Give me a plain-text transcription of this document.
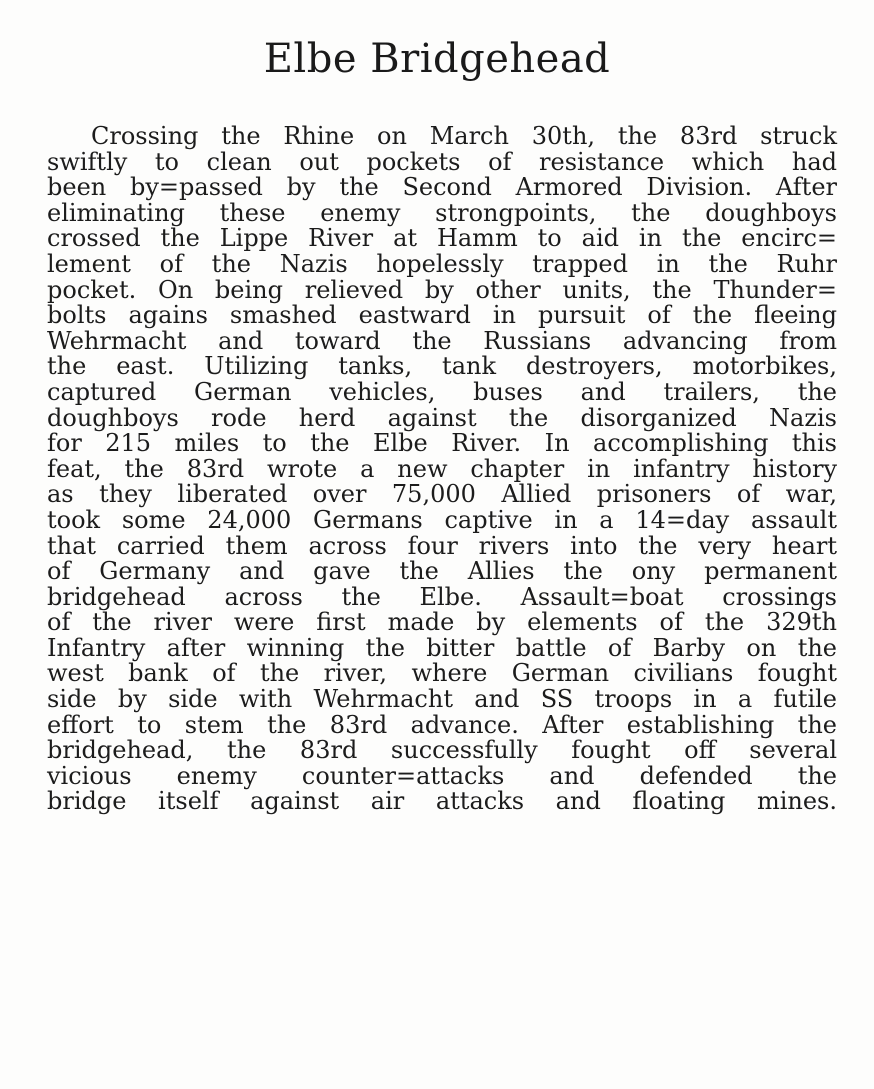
Elbe Bridgehead
Crossing the Rhine on March 30th, the 83rd struck
swiftly to clean out pockets of resistance which had
been by=passed by the Second Armored Division. After
eliminating these enemy strongpoints, the doughboys
crossed the Lippe River at Hamm to aid in the encirc=
lement of the Nazis hopelessly trapped in the Ruhr
pocket. On being relieved by other units, the Thunder=
bolts agains smashed eastward in pursuit of the fleeing
Wehrmacht and toward the Russians advancing from
the east. Utilizing tanks, tank destroyers, motorbikes,
captured German vehicles, buses and trailers, the
doughboys rode herd against the disorganized Nazis
for 215 miles to the Elbe River. In accomplishing this
feat, the 83rd wrote a new chapter in infantry history
as they liberated over 75,000 Allied prisoners of war,
took some 24,000 Germans captive in a 14=day assault
that carried them across four rivers into the very heart
of Germany and gave the Allies the ony permanent
bridgehead across the Elbe. Assault=boat crossings
of the river were first made by elements of the 329th
Infantry after winning the bitter battle of Barby on the
west bank of the river, where German civilians fought
side by side with Wehrmacht and SS troops in a futile
effort to stem the 83rd advance. After establishing the
bridgehead, the 83rd successfully fought off several
vicious enemy counter=attacks and defended the
bridge itself against air attacks and floating mines.
